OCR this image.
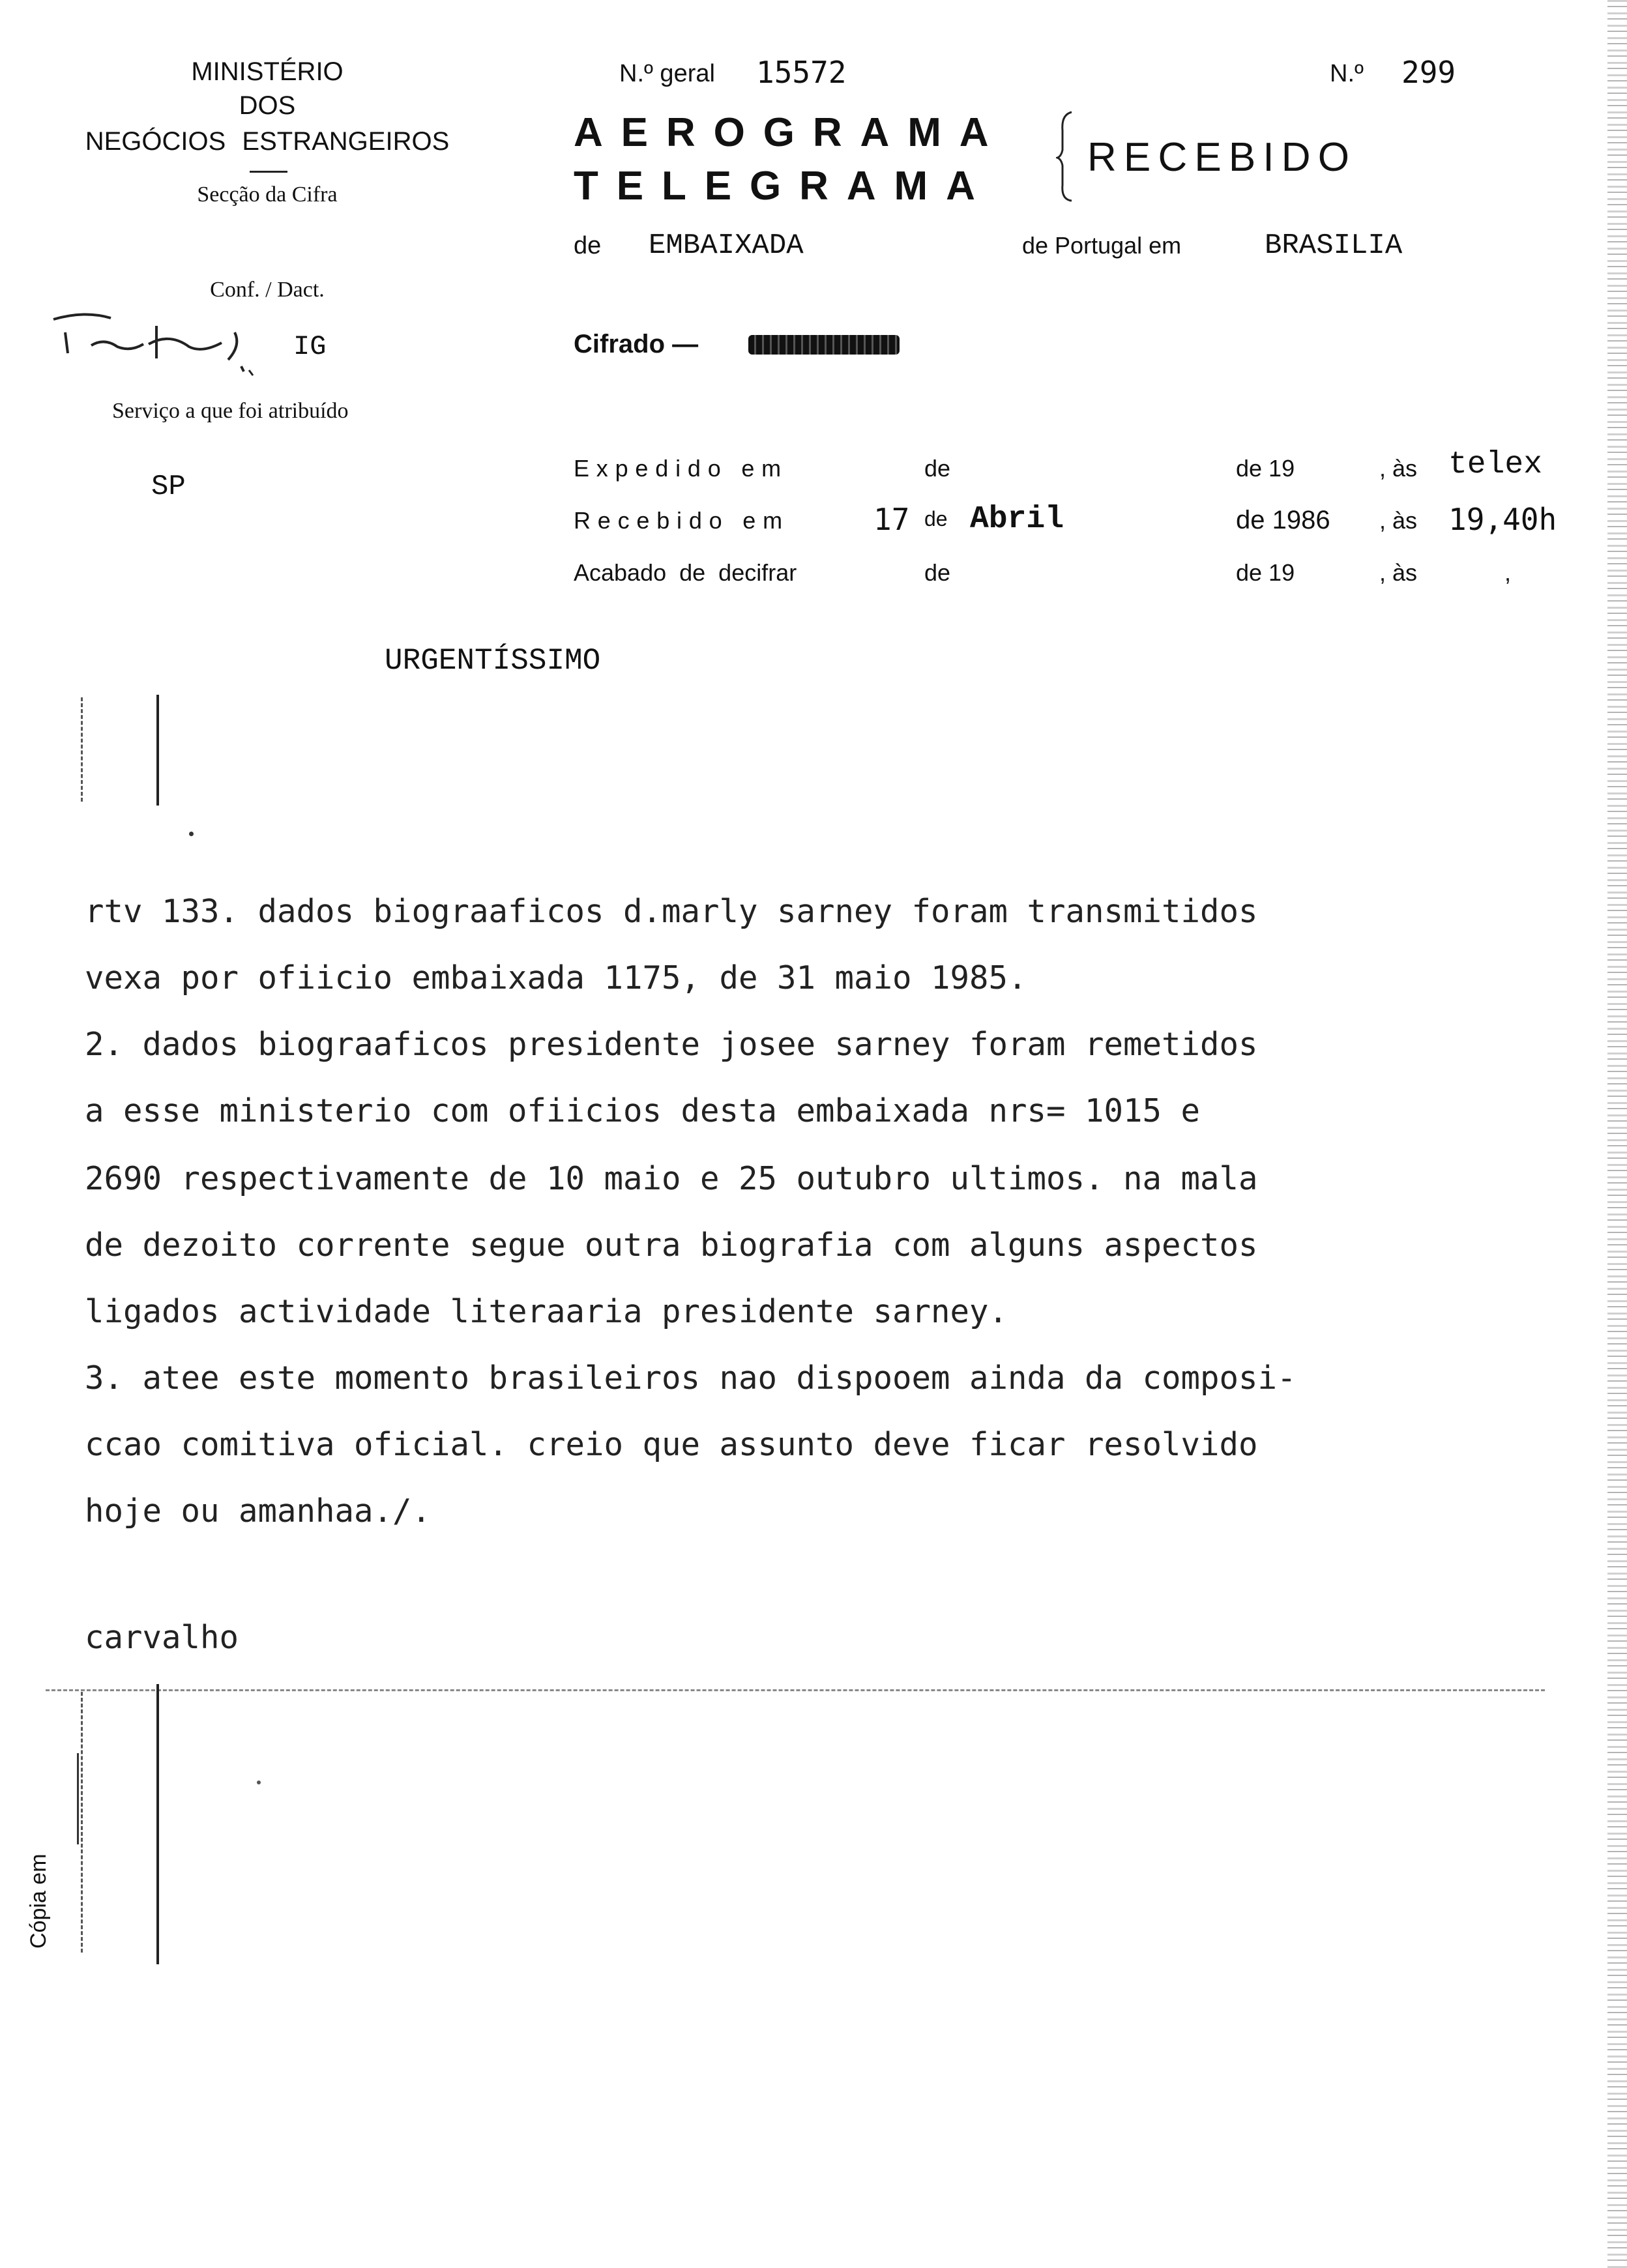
MINISTÉRIO
DOS
NEGÓCIOS ESTRANGEIROS
Secção da Cifra
Conf. / Dact.
IG
Serviço a que foi atribuído
SP
N.º geral 15572	N.º 299
AEROGRAMA
TELEGRAMA
RECEBIDO
de EMBAIXADA	de Portugal em	BRASILIA
Cifrado —
Expedido em	de	de 19	, às telex
Recebido em	17 de Abril	de 1986 , às 19,40h
Acabado de decifrar	de	de 19	, às	,
URGENTÍSSIMO
rtv 133. dados biograaficos d.marly sarney foram transmitidos
vexa por ofiicio embaixada 1175, de 31 maio 1985.
2. dados biograaficos presidente josee sarney foram remetidos
a esse ministerio com ofiicios desta embaixada nrs= 1015 e
2690 respectivamente de 10 maio e 25 outubro ultimos. na mala
de dezoito corrente segue outra biografia com alguns aspectos
ligados actividade literaaria presidente sarney.
3. atee este momento brasileiros nao dispooem ainda da composi-
ccao comitiva oficial. creio que assunto deve ficar resolvido
hoje ou amanhaa./.
carvalho
Cópia em
